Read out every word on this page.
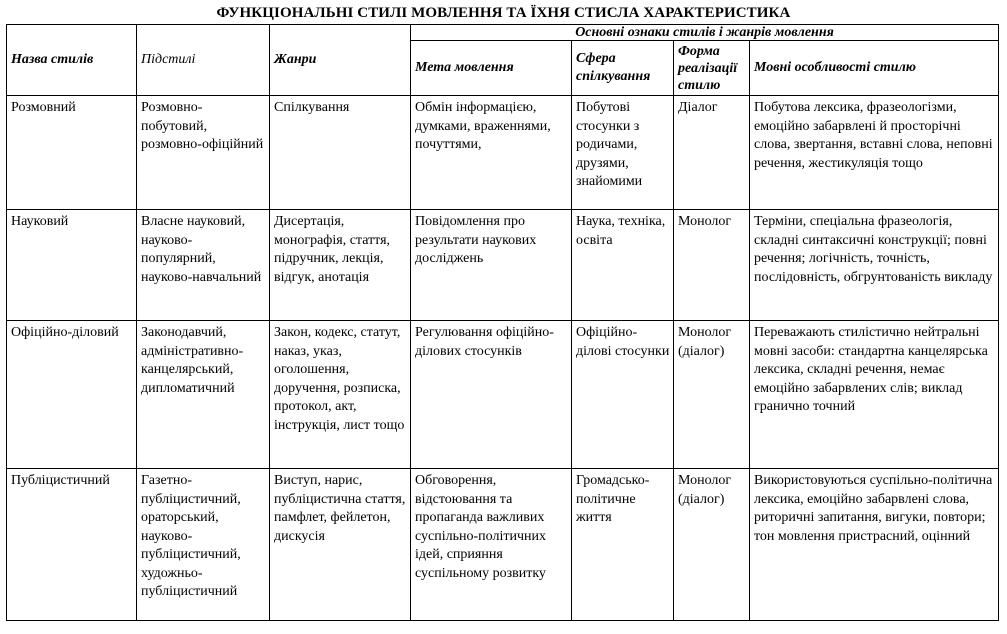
ФУНКЦІОНАЛЬНІ СТИЛІ МОВЛЕННЯ ТА ЇХНЯ СТИСЛА ХАРАКТЕРИСТИКА
Назва стилів	Підстилі	Жанри	Основні ознаки стилів і жанрів мовлення			
			Мета мовлення	Сфера спілкування	Форма реалізації стилю	Мовні особливості стилю
Розмовний	Розмовно-побутовий, розмовно-офіційний	Спілкування	Обмін інформацією, думками, враженнями, почуттями,	Побутові стосунки з родичами, друзями, знайомими	Діалог	Побутова лексика, фразеологізми, емоційно забарвлені й просторічні слова, звертання, вставні слова, неповні речення, жестикуляція тощо
Науковий	Власне науковий, науково-популярний, науково-навчальний	Дисертація, монографія, стаття, підручник, лекція, відгук, анотація	Повідомлення про результати наукових досліджень	Наука, техніка, освіта	Монолог	Терміни, спеціальна фразеологія, складні синтаксичні конструкції; повні речення; логічність, точність, послідовність, обгрунтованість викладу
Офіційно-діловий	Законодавчий, адміністративно-канцелярський, дипломатичний	Закон, кодекс, статут, наказ, указ, оголошення, доручення, розписка, протокол, акт, інструкція, лист тощо	Регулювання офіційно-ділових стосунків	Офіційно-ділові стосунки	Монолог (діалог)	Переважають стилістично нейтральні мовні засоби: стандартна канцелярська лексика, складні речення, немає емоційно забарвлених слів; виклад гранично точний
Публіцистичний	Газетно-публіцистичний, ораторський, науково-публіцистичний, художньо-публіцистичний	Виступ, нарис, публіцистична стаття, памфлет, фейлетон, дискусія	Обговорення, відстоювання та пропаганда важливих суспільно-політичних ідей, сприяння суспільному розвитку	Громадсько-політичне життя	Монолог (діалог)	Використовуються суспільно-політична лексика, емоційно забарвлені слова, риторичні запитання, вигуки, повтори; тон мовлення пристрасний, оцінний
